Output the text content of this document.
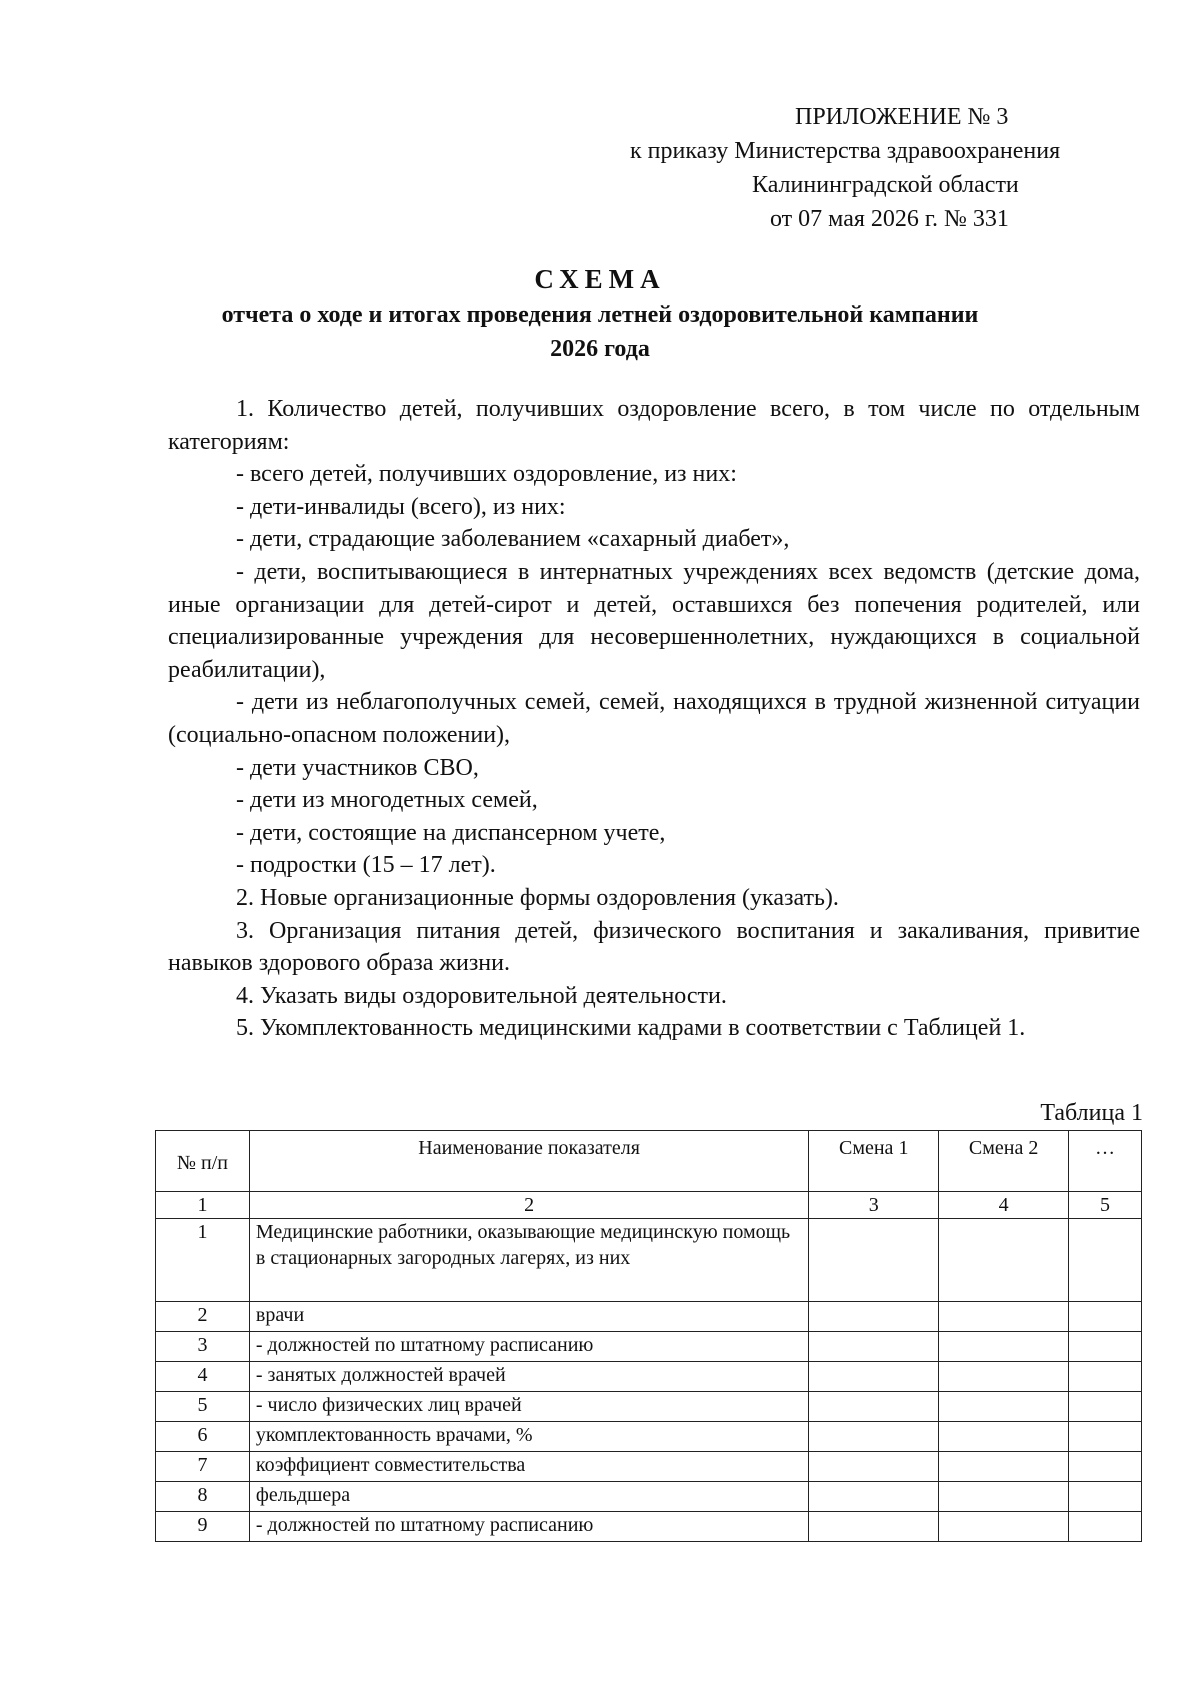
ПРИЛОЖЕНИЕ № 3
к приказу Министерства здравоохранения
Калининградской области
от 07 мая 2026 г. № 331
СХЕМА
отчета о ходе и итогах проведения летней оздоровительной кампании
2026 года

1. Количество детей, получивших оздоровление всего, в том числе по отдельным категориям:

- всего детей, получивших оздоровление, из них:

- дети-инвалиды (всего), из них:

- дети, страдающие заболеванием «сахарный диабет»,

- дети, воспитывающиеся в интернатных учреждениях всех ведомств (детские дома, иные организации для детей-сирот и детей, оставшихся без попечения родителей, или специализированные учреждения для несовершеннолетних, нуждающихся в социальной реабилитации),

- дети из неблагополучных семей, семей, находящихся в трудной жизненной ситуации (социально-опасном положении),

- дети участников СВО,

- дети из многодетных семей,

- дети, состоящие на диспансерном учете,

- подростки (15 – 17 лет).

2. Новые организационные формы оздоровления (указать).

3. Организация питания детей, физического воспитания и закаливания, привитие навыков здорового образа жизни.

4. Указать виды оздоровительной деятельности.

5. Укомплектованность медицинскими кадрами в соответствии с Таблицей 1.

Таблица 1
№ п/п	Наименование показателя	Смена 1	Смена 2	…
1	2	3	4	5
1	Медицинские работники, оказывающие медицинскую помощь в стационарных загородных лагерях, из них			
2	врачи			
3	- должностей по штатному расписанию			
4	- занятых должностей врачей			
5	- число физических лиц врачей			
6	укомплектованность врачами, %			
7	коэффициент совместительства			
8	фельдшера			
9	- должностей по штатному расписанию			
